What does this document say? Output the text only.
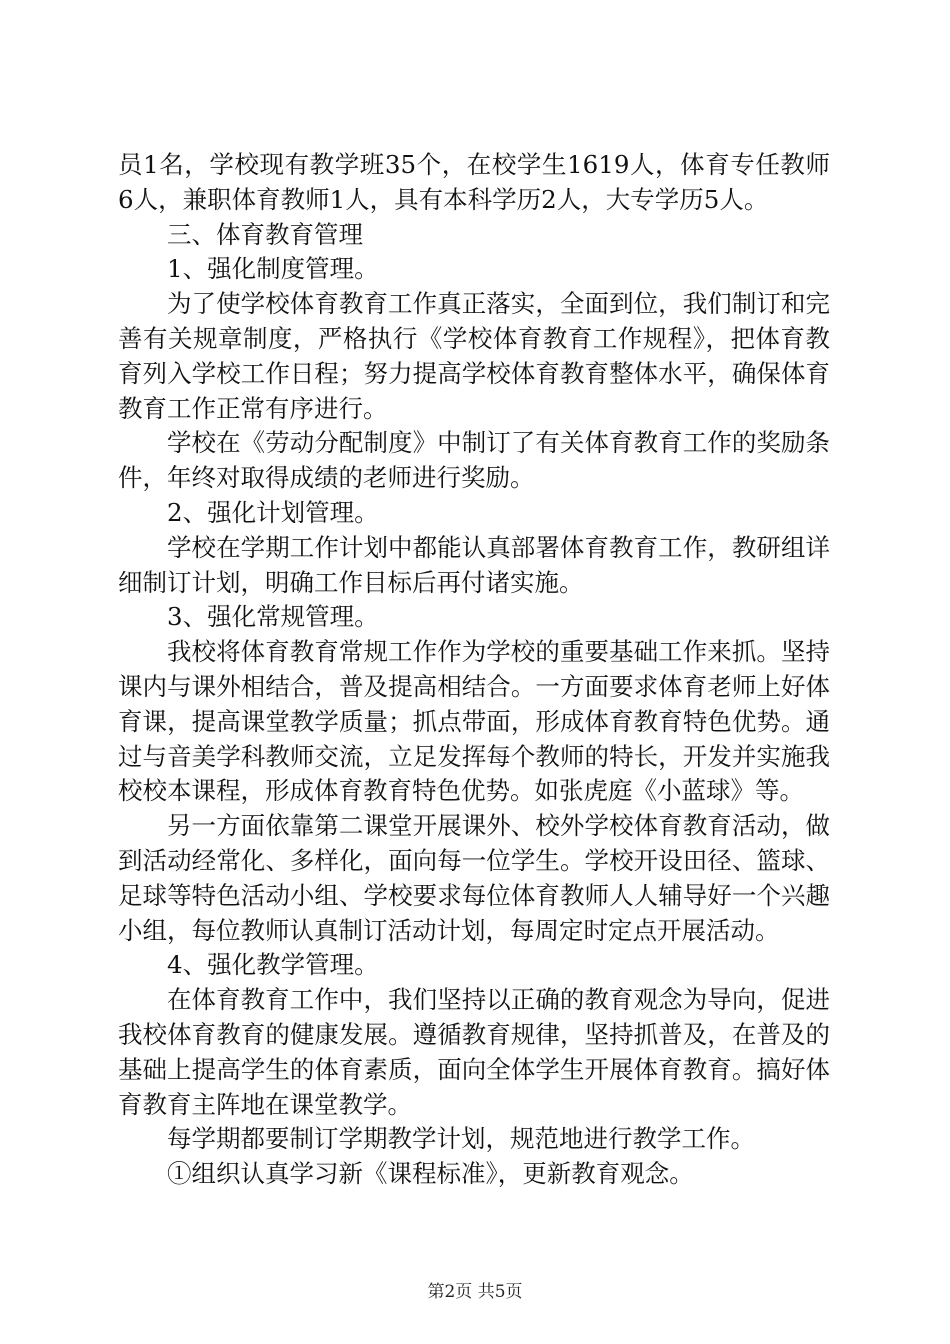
员1名，学校现有教学班35个，在校学生1619人，体育专任教师6人，兼职体育教师1人，具有本科学历2人，大专学历5人。

三、体育教育管理

1、强化制度管理。

为了使学校体育教育工作真正落实，全面到位，我们制订和完善有关规章制度，严格执行《学校体育教育工作规程》，把体育教育列入学校工作日程；努力提高学校体育教育整体水平，确保体育教育工作正常有序进行。

学校在《劳动分配制度》中制订了有关体育教育工作的奖励条件，年终对取得成绩的老师进行奖励。

2、强化计划管理。

学校在学期工作计划中都能认真部署体育教育工作，教研组详细制订计划，明确工作目标后再付诸实施。

3、强化常规管理。

我校将体育教育常规工作作为学校的重要基础工作来抓。坚持课内与课外相结合，普及提高相结合。一方面要求体育老师上好体育课，提高课堂教学质量；抓点带面，形成体育教育特色优势。通过与音美学科教师交流，立足发挥每个教师的特长，开发并实施我校校本课程，形成体育教育特色优势。如张虎庭《小蓝球》等。

另一方面依靠第二课堂开展课外、校外学校体育教育活动，做到活动经常化、多样化，面向每一位学生。学校开设田径、篮球、足球等特色活动小组、学校要求每位体育教师人人辅导好一个兴趣小组，每位教师认真制订活动计划，每周定时定点开展活动。

4、强化教学管理。

在体育教育工作中，我们坚持以正确的教育观念为导向，促进我校体育教育的健康发展。遵循教育规律，坚持抓普及，在普及的基础上提高学生的体育素质，面向全体学生开展体育教育。搞好体育教育主阵地在课堂教学。

每学期都要制订学期教学计划，规范地进行教学工作。

①组织认真学习新《课程标准》，更新教育观念。

第2页 共5页
